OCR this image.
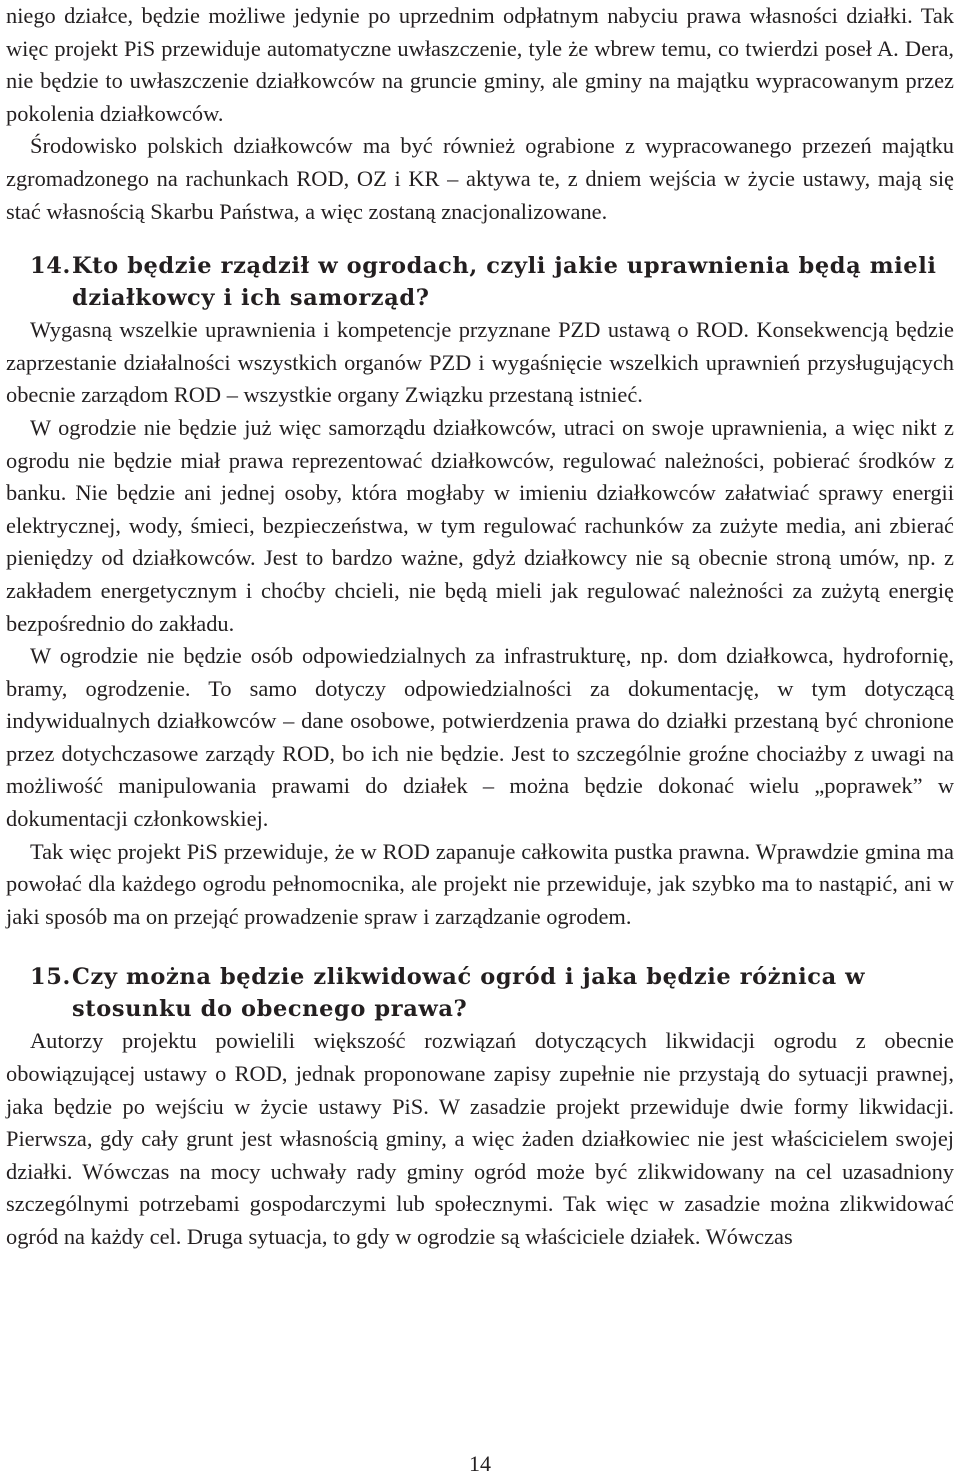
niego działce, będzie możliwe jedynie po uprzednim odpłatnym nabyciu prawa własności działki. Tak więc projekt PiS przewiduje automatyczne uwłaszczenie, tyle że wbrew temu, co twierdzi poseł A. Dera, nie będzie to uwłaszczenie działkowców na gruncie gminy, ale gminy na majątku wypracowanym przez pokolenia działkowców.

Środowisko polskich działkowców ma być również ograbione z wypracowanego przezeń majątku zgromadzonego na rachunkach ROD, OZ i KR – aktywa te, z dniem wejścia w życie ustawy, mają się stać własnością Skarbu Państwa, a więc zostaną znacjonalizowane.

14.Kto będzie rządził w ogrodach, czyli jakie uprawnienia będą mieli działkowcy i ich samorząd?

Wygasną wszelkie uprawnienia i kompetencje przyznane PZD ustawą o ROD. Konsekwencją będzie zaprzestanie działalności wszystkich organów PZD i wygaśnięcie wszelkich uprawnień przysługujących obecnie zarządom ROD – wszystkie organy Związku przestaną istnieć.

W ogrodzie nie będzie już więc samorządu działkowców, utraci on swoje uprawnienia, a więc nikt z ogrodu nie będzie miał prawa reprezentować działkowców, regulować należności, pobierać środków z banku. Nie będzie ani jednej osoby, która mogłaby w imieniu działkowców załatwiać sprawy energii elektrycznej, wody, śmieci, bezpieczeństwa, w tym regulować rachunków za zużyte media, ani zbierać pieniędzy od działkowców. Jest to bardzo ważne, gdyż działkowcy nie są obecnie stroną umów, np. z zakładem energetycznym i choćby chcieli, nie będą mieli jak regulować należności za zużytą energię bezpośrednio do zakładu.

W ogrodzie nie będzie osób odpowiedzialnych za infrastrukturę, np. dom działkowca, hydrofornię, bramy, ogrodzenie. To samo dotyczy odpowiedzialności za dokumentację, w tym dotyczącą indywidualnych działkowców – dane osobowe, potwierdzenia prawa do działki przestaną być chronione przez dotychczasowe zarządy ROD, bo ich nie będzie. Jest to szczególnie groźne chociażby z uwagi na możliwość manipulowania prawami do działek – można będzie dokonać wielu „poprawek” w dokumentacji członkowskiej.

Tak więc projekt PiS przewiduje, że w ROD zapanuje całkowita pustka prawna. Wprawdzie gmina ma powołać dla każdego ogrodu pełnomocnika, ale projekt nie przewiduje, jak szybko ma to nastąpić, ani w jaki sposób ma on przejąć prowadzenie spraw i zarządzanie ogrodem.

15.Czy można będzie zlikwidować ogród i jaka będzie różnica w stosunku do obecnego prawa?

Autorzy projektu powielili większość rozwiązań dotyczących likwidacji ogrodu z obecnie obowiązującej ustawy o ROD, jednak proponowane zapisy zupełnie nie przystają do sytuacji prawnej, jaka będzie po wejściu w życie ustawy PiS. W zasadzie projekt przewiduje dwie formy likwidacji. Pierwsza, gdy cały grunt jest własnością gminy, a więc żaden działkowiec nie jest właścicielem swojej działki. Wówczas na mocy uchwały rady gminy ogród może być zlikwidowany na cel uzasadniony szczególnymi potrzebami gospodarczymi lub społecznymi. Tak więc w zasadzie można zlikwidować ogród na każdy cel. Druga sytuacja, to gdy w ogrodzie są właściciele działek. Wówczas

14
